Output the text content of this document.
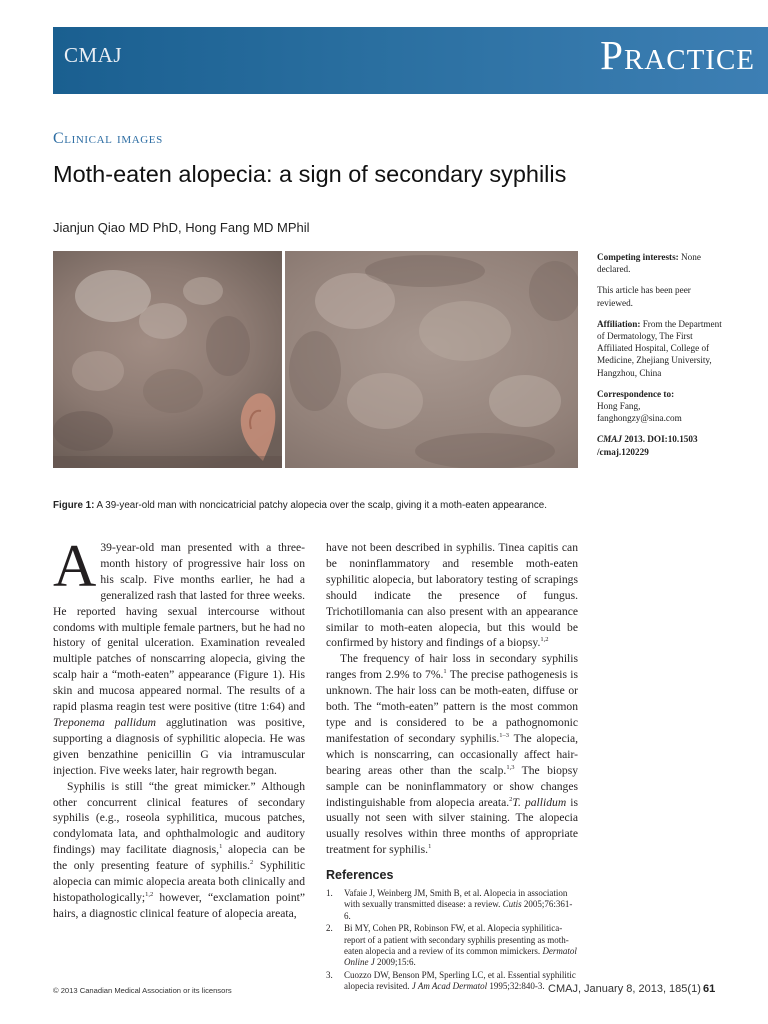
CMAJ	Practice
Clinical images
Moth-eaten alopecia: a sign of secondary syphilis
Jianjun Qiao MD PhD, Hong Fang MD MPhil
Figure 1: A 39-year-old man with noncicatricial patchy alopecia over the scalp, giving it a moth-eaten appearance.

Competing interests: None declared.

This article has been peer reviewed.

Affiliation: From the Department of Dermatology, The First Affiliated Hospital, College of Medicine, Zhejiang University, Hangzhou, China

Correspondence to:
Hong Fang,
fanghongzy@sina.com

CMAJ 2013. DOI:10.1503 /cmaj.120229

A 39-year-old man presented with a three-month history of progressive hair loss on his scalp. Five months earlier, he had a generalized rash that lasted for three weeks. He reported having sexual intercourse without condoms with multiple female partners, but he had no history of genital ulceration. Examination revealed multiple patches of nonscarring alopecia, giving the scalp hair a “moth-eaten” appearance (Figure 1). His skin and mucosa appeared normal. The results of a rapid plasma reagin test were positive (titre 1:64) and Treponema pallidum agglutination was positive, supporting a diagnosis of syphilitic alopecia. He was given benzathine penicillin G via intramuscular injection. Five weeks later, hair regrowth began.

Syphilis is still “the great mimicker.” Although other concurrent clinical features of secondary syphilis (e.g., roseola syphilitica, mucous patches, condylomata lata, and ophthalmologic and auditory findings) may facilitate diagnosis,$^1$ alopecia can be the only presenting feature of syphilis.$^2$ Syphilitic alopecia can mimic alopecia areata both clinically and histopathologically;$^{1,2}$ however, “exclamation point” hairs, a diagnostic clinical feature of alopecia areata,

have not been described in syphilis. Tinea capitis can be noninflammatory and resemble moth-eaten syphilitic alopecia, but laboratory testing of scrapings should indicate the presence of fungus. Trichotillomania can also present with an appearance similar to moth-eaten alopecia, but this would be confirmed by history and findings of a biopsy.$^{1,2}$

The frequency of hair loss in secondary syphilis ranges from 2.9% to 7%.$^1$ The precise pathogenesis is unknown. The hair loss can be moth-eaten, diffuse or both. The “moth-eaten” pattern is the most common type and is considered to be a pathognomonic manifestation of secondary syphilis.$^{1-3}$ The alopecia, which is nonscarring, can occasionally affect hair-bearing areas other than the scalp.$^{1,3}$ The biopsy sample can be noninflammatory or show changes indistinguishable from alopecia areata.$^2$T. pallidum is usually not seen with silver staining. The alopecia usually resolves within three months of appropriate treatment for syphilis.$^1$

References
1. Vafaie J, Weinberg JM, Smith B, et al. Alopecia in association with sexually transmitted disease: a review. Cutis 2005;76:361-6.
2. Bi MY, Cohen PR, Robinson FW, et al. Alopecia syphilitica-report of a patient with secondary syphilis presenting as moth-eaten alopecia and a review of its common mimickers. Dermatol Online J 2009;15:6.
3. Cuozzo DW, Benson PM, Sperling LC, et al. Essential syphilitic alopecia revisited. J Am Acad Dermatol 1995;32:840-3.
© 2013 Canadian Medical Association or its licensors	CMAJ, January 8, 2013, 185(1) 61
